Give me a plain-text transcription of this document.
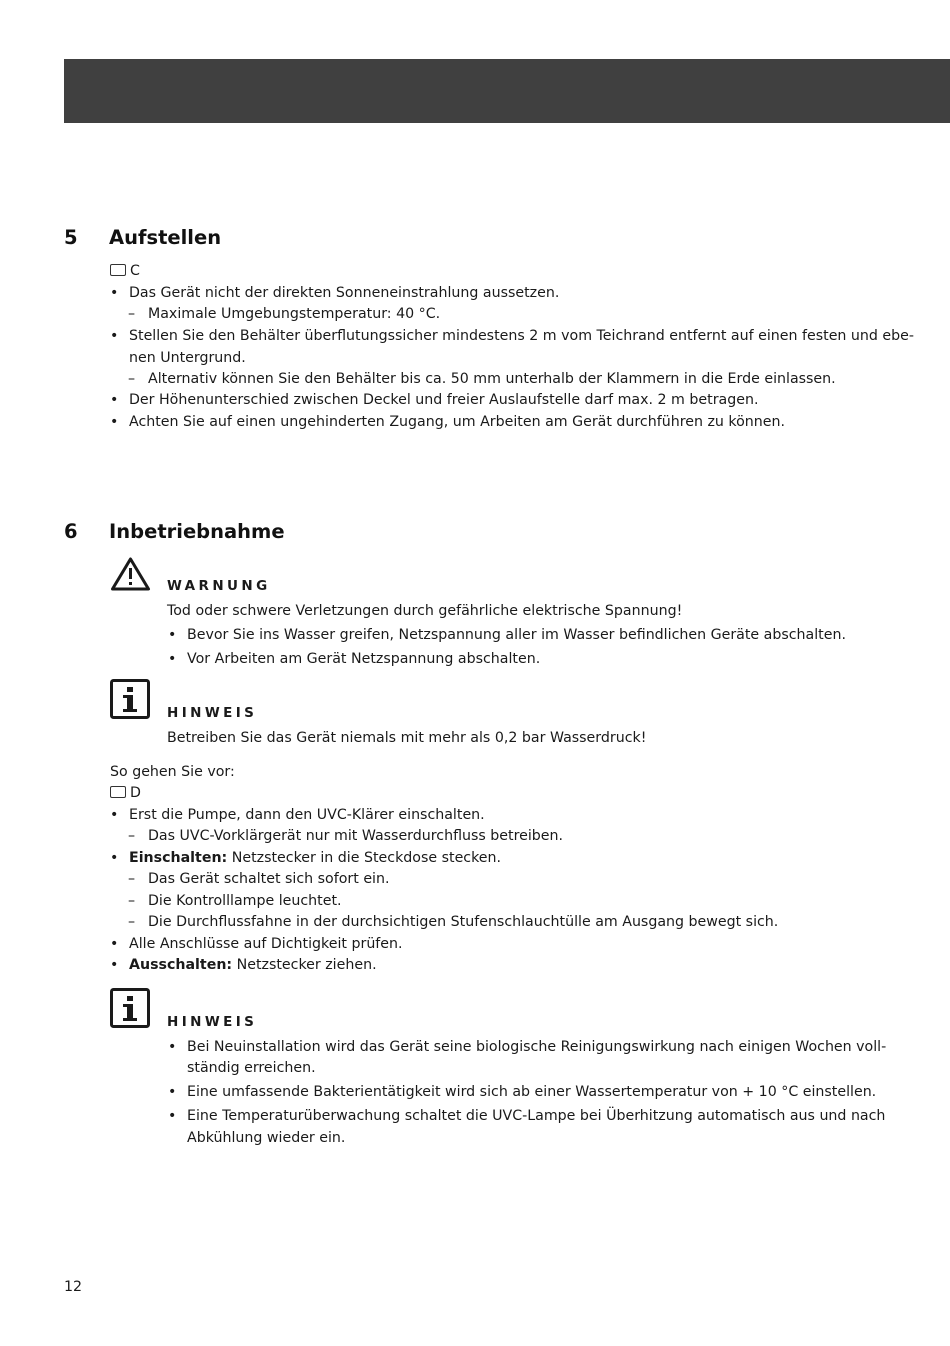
5 Aufstellen
C
• Das Gerät nicht der direkten Sonneneinstrahlung aussetzen.
– Maximale Umgebungstemperatur: 40 °C.
• Stellen Sie den Behälter überflutungssicher mindestens 2 m vom Teichrand entfernt auf einen festen und ebe-
nen Untergrund.
– Alternativ können Sie den Behälter bis ca. 50 mm unterhalb der Klammern in die Erde einlassen.
• Der Höhenunterschied zwischen Deckel und freier Auslaufstelle darf max. 2 m betragen.
• Achten Sie auf einen ungehinderten Zugang, um Arbeiten am Gerät durchführen zu können.
6 Inbetriebnahme
WARNUNG
Tod oder schwere Verletzungen durch gefährliche elektrische Spannung!
• Bevor Sie ins Wasser greifen, Netzspannung aller im Wasser befindlichen Geräte abschalten.
• Vor Arbeiten am Gerät Netzspannung abschalten.
HINWEIS
Betreiben Sie das Gerät niemals mit mehr als 0,2 bar Wasserdruck!
So gehen Sie vor:
D
• Erst die Pumpe, dann den UVC-Klärer einschalten.
– Das UVC-Vorklärgerät nur mit Wasserdurchfluss betreiben.
• Einschalten: Netzstecker in die Steckdose stecken.
– Das Gerät schaltet sich sofort ein.
– Die Kontrolllampe leuchtet.
– Die Durchflussfahne in der durchsichtigen Stufenschlauchtülle am Ausgang bewegt sich.
• Alle Anschlüsse auf Dichtigkeit prüfen.
• Ausschalten: Netzstecker ziehen.
HINWEIS
• Bei Neuinstallation wird das Gerät seine biologische Reinigungswirkung nach einigen Wochen voll-
ständig erreichen.
• Eine umfassende Bakterientätigkeit wird sich ab einer Wassertemperatur von + 10 °C einstellen.
• Eine Temperaturüberwachung schaltet die UVC-Lampe bei Überhitzung automatisch aus und nach
Abkühlung wieder ein.
12
